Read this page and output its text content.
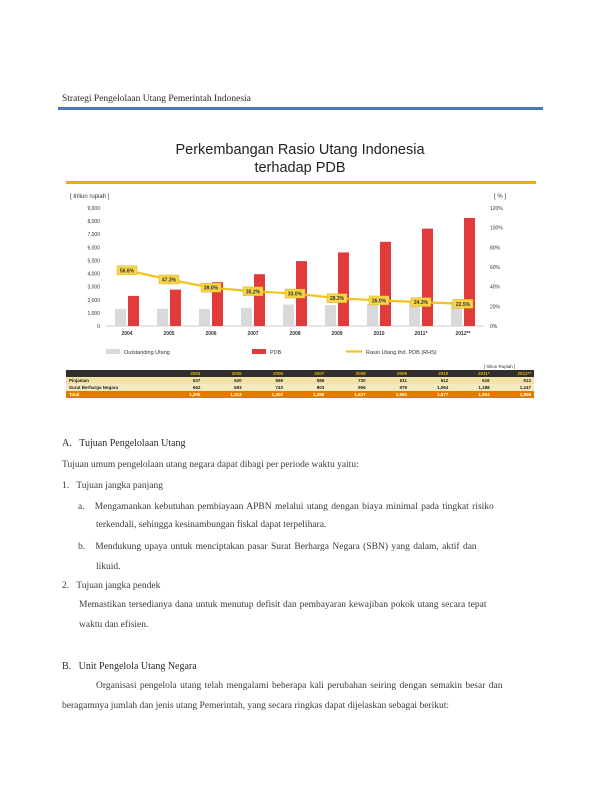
Strategi Pengelolaan Utang Pemerintah Indonesia
Perkembangan Rasio Utang Indonesia
terhadap PDB
[ triliun rupiah ]	[ % ]
9,000
8,000
7,000
6,000
5,000
4,000
3,000
2,000
1,000
0
120%
100%
80%
60%
40%
20%
0%
2004	2005	2006	2007	2008	2009	2010	2011*	2012**
56.6%
47.3%
39.0%
35.2%	33.0%
28.3%	26.0%	24.3%	22.5%
Outstanding Utang	PDB	Rasio Utang thd. PDB (RHS)
[ triliun Rupiah ]
	2004	2005	2006	2007	2008	2009	2010	2011*	2012**
Pinjaman	637	620	559	586	730	611	612	616	612
Surat Berharga Negara	662	693	743	803	906	979	1,064	1,188	1,247
Total	1,299	1,313	1,302	1,389	1,637	1,591	1,677	1,804	1,859
A.   Tujuan Pengelolaan Utang
Tujuan umum pengelolaan utang negara dapat dibagi per periode waktu yaitu:
1.   Tujuan jangka panjang
a.   Mengamankan kebutuhan pembiayaan APBN melalui utang dengan biaya minimal pada tingkat risiko
terkendali, sehingga kesinambungan fiskal dapat terpelihara.
b.   Mendukung upaya untuk menciptakan pasar Surat Berharga Negara (SBN) yang dalam, aktif dan
likuid.
2.   Tujuan jangka pendek
Memastikan tersedianya dana untuk menutup defisit dan pembayaran kewajiban pokok utang secara tepat
waktu dan efisien.
B.   Unit Pengelola Utang Negara
Organisasi pengelola utang telah mengalami beberapa kali perubahan seiring dengan semakin besar dan
beragamnya jumlah dan jenis utang Pemerintah, yang secara ringkas dapat dijelaskan sebagai berikut:
